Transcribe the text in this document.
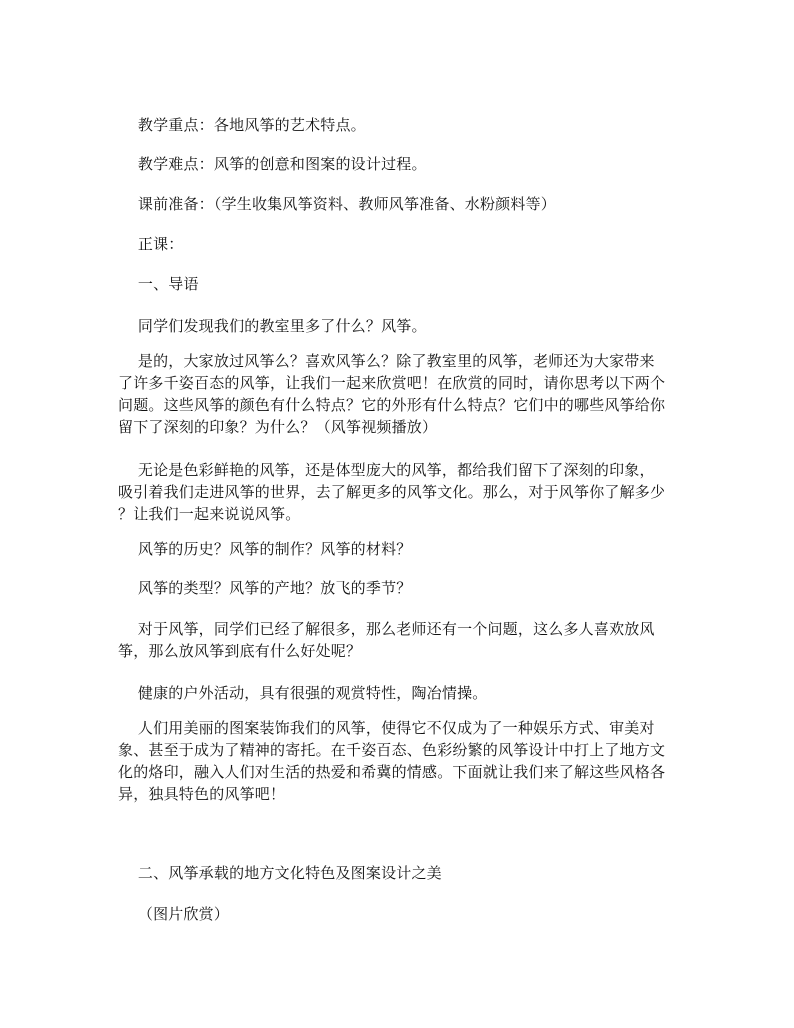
教学重点：各地风筝的艺术特点。
教学难点：风筝的创意和图案的设计过程。
课前准备：（学生收集风筝资料、教师风筝准备、水粉颜料等）
正课：
一、导语
同学们发现我们的教室里多了什么？风筝。
是的，大家放过风筝么？喜欢风筝么？除了教室里的风筝，老师还为大家带来
了许多千姿百态的风筝，让我们一起来欣赏吧！在欣赏的同时，请你思考以下两个
问题。这些风筝的颜色有什么特点？它的外形有什么特点？它们中的哪些风筝给你
留下了深刻的印象？为什么？（风筝视频播放）
无论是色彩鲜艳的风筝，还是体型庞大的风筝，都给我们留下了深刻的印象，
吸引着我们走进风筝的世界，去了解更多的风筝文化。那么，对于风筝你了解多少
？让我们一起来说说风筝。
风筝的历史？风筝的制作？风筝的材料？
风筝的类型？风筝的产地？放飞的季节？
对于风筝，同学们已经了解很多，那么老师还有一个问题，这么多人喜欢放风
筝，那么放风筝到底有什么好处呢？
健康的户外活动，具有很强的观赏特性，陶冶情操。
人们用美丽的图案装饰我们的风筝，使得它不仅成为了一种娱乐方式、审美对
象、甚至于成为了精神的寄托。在千姿百态、色彩纷繁的风筝设计中打上了地方文
化的烙印，融入人们对生活的热爱和希冀的情感。下面就让我们来了解这些风格各
异，独具特色的风筝吧！
二、风筝承载的地方文化特色及图案设计之美
（图片欣赏）
